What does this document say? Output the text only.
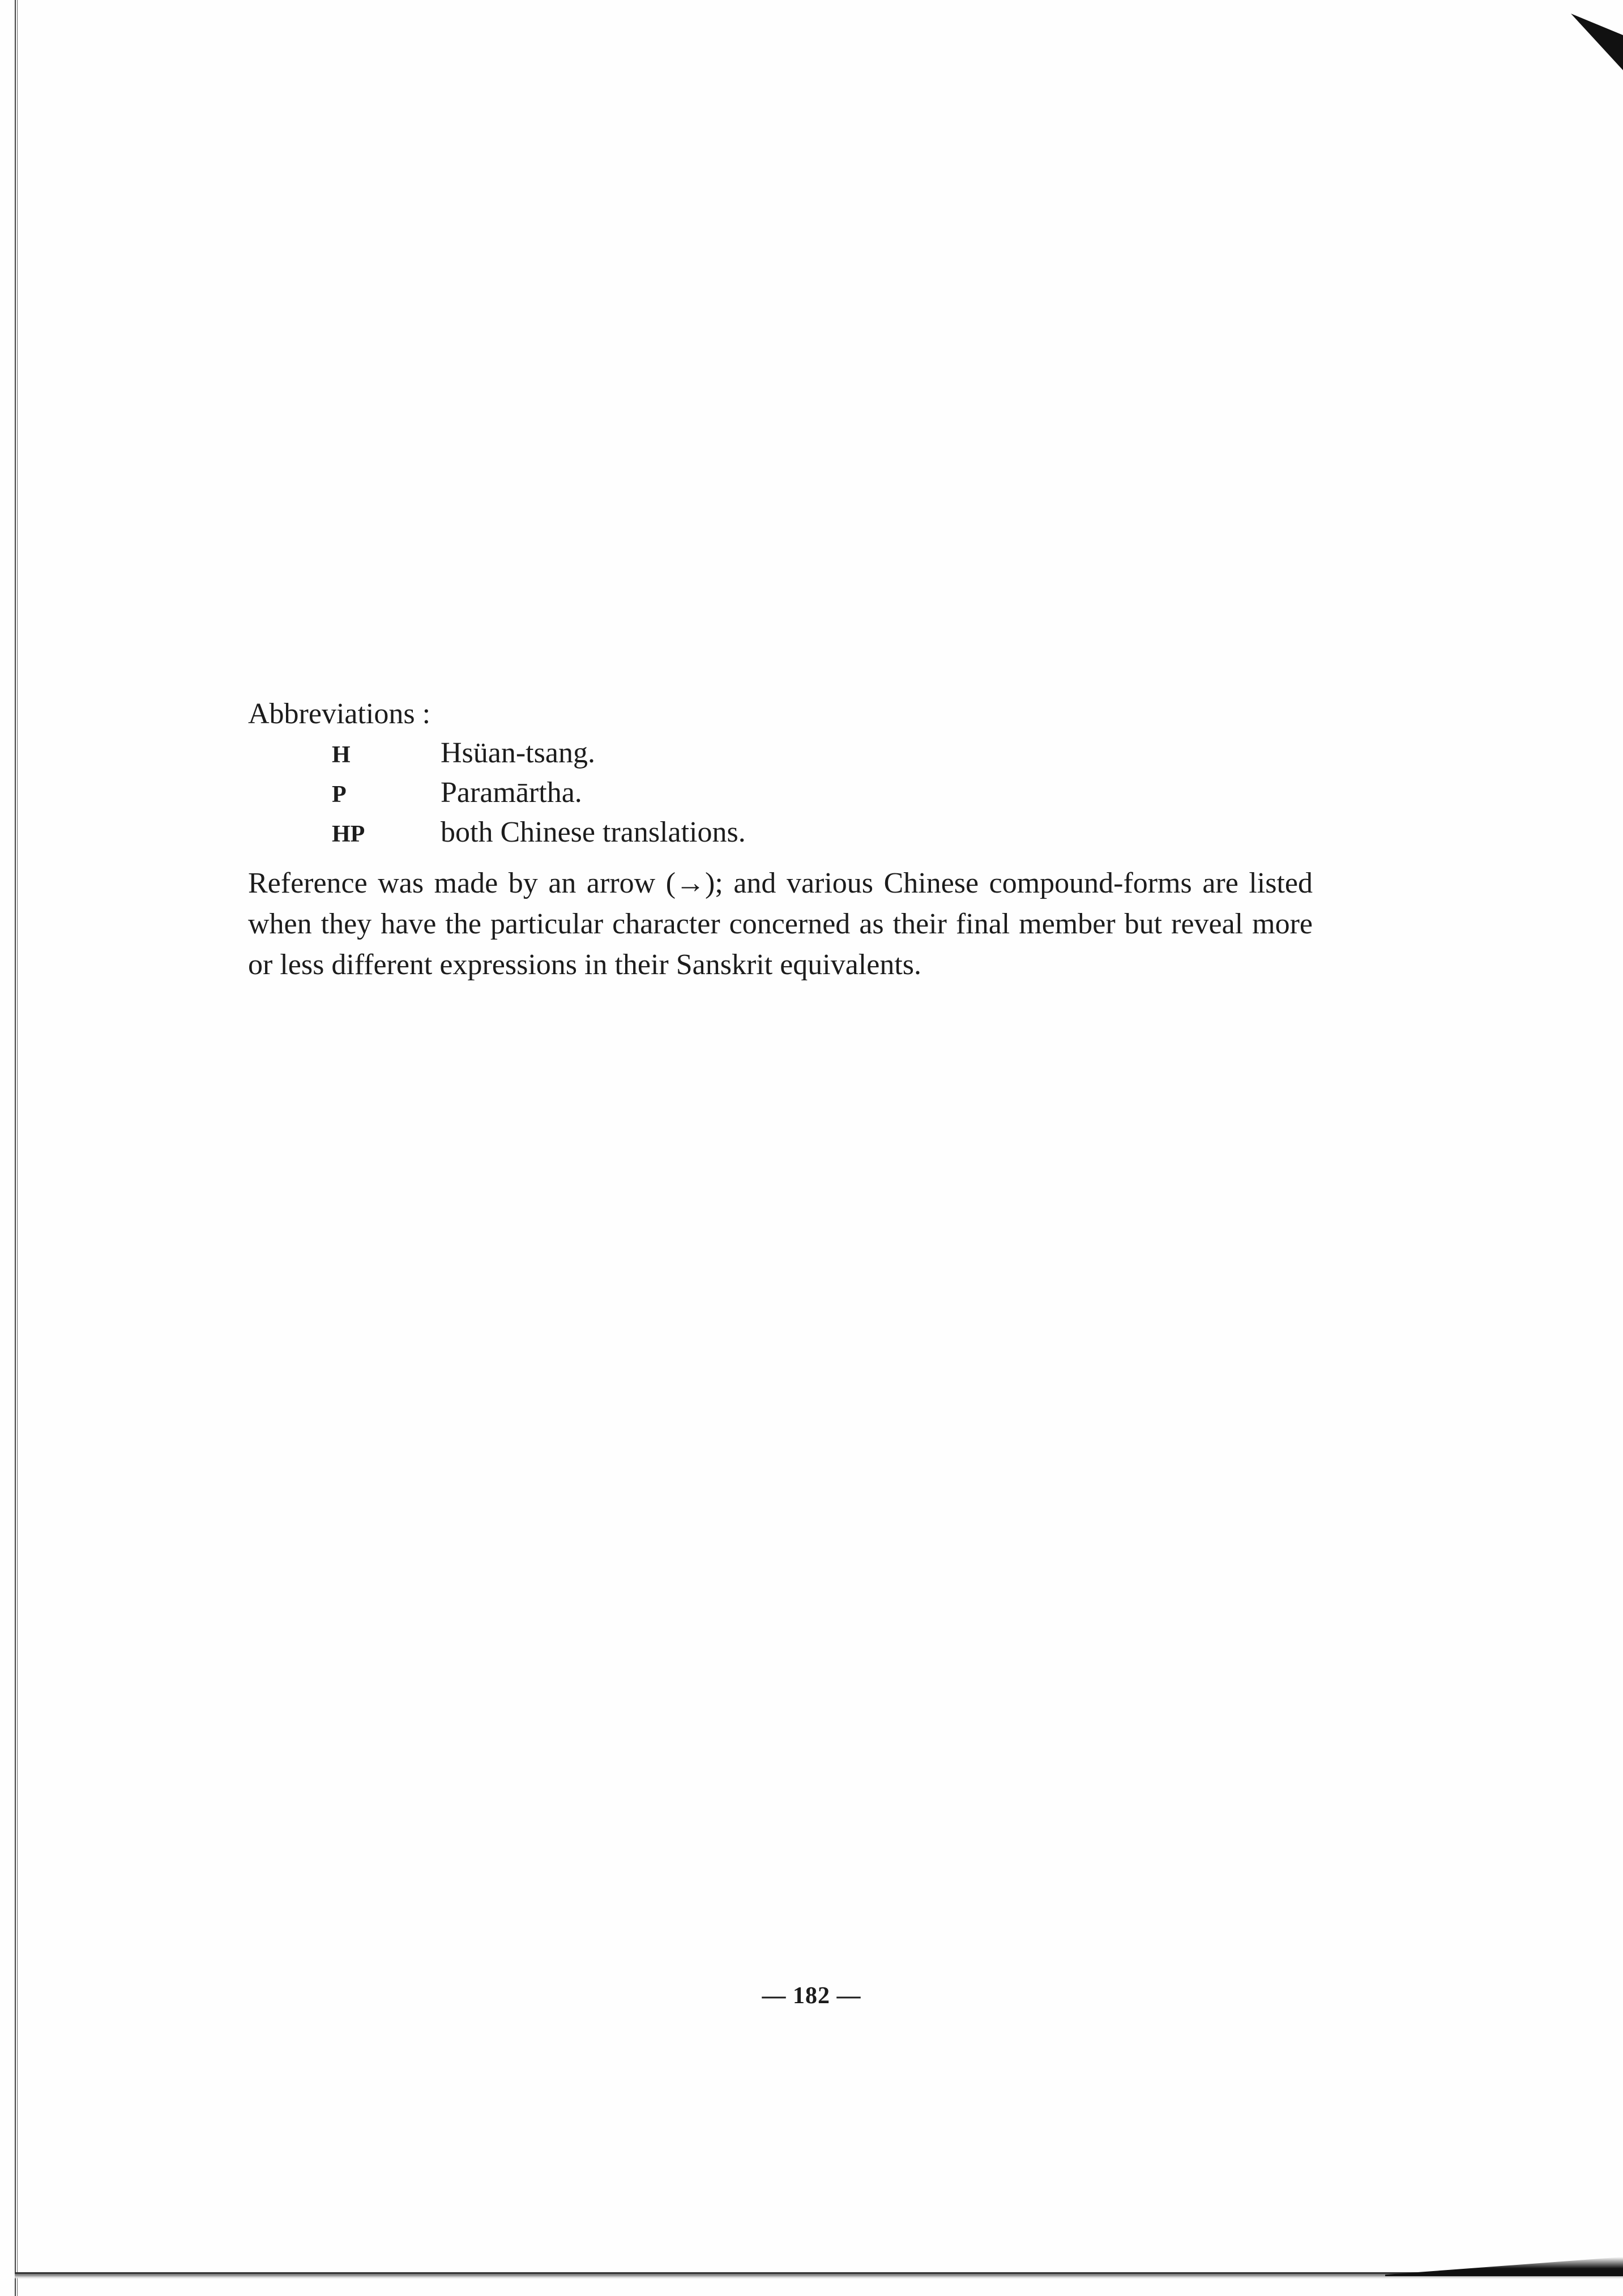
Abbreviations :
H	Hsüan-tsang.
P	Paramārtha.
HP	both Chinese translations.

Reference was made by an arrow (→); and various Chinese compound-forms are listed when they have the particular character concerned as their final member but reveal more or less different expressions in their Sanskrit equivalents.

— 182 —
